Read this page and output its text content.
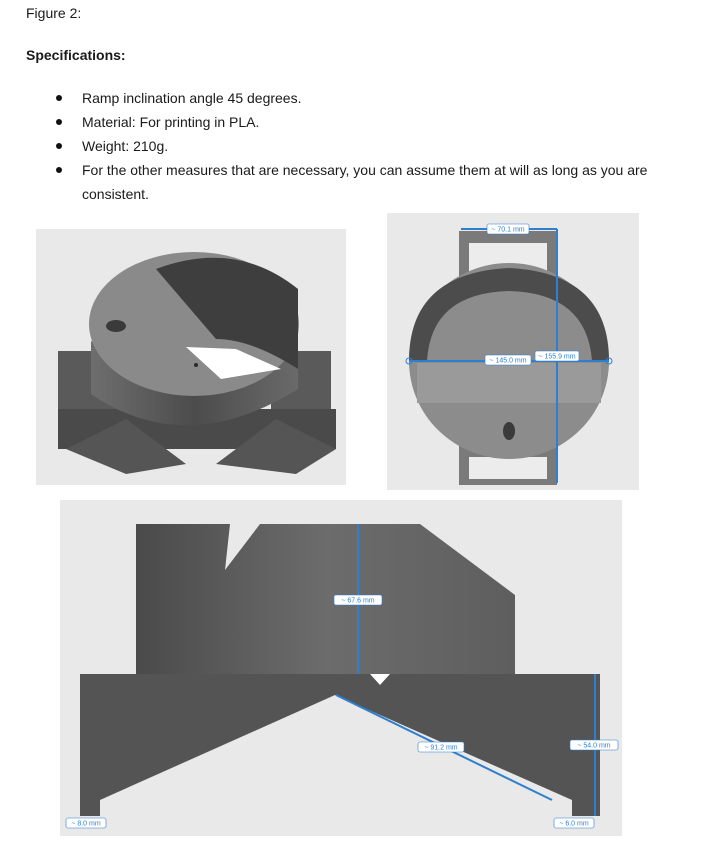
Figure 2:
Specifications:
Ramp inclination angle 45 degrees.
Material: For printing in PLA.
Weight: 210g.
For the other measures that are necessary, you can assume them at will as long as you are consistent.
~ 70.1 mm
~ 145.0 mm
~ 155.9 mm
~ 67.6 mm
~ 91.2 mm	~ 54.0 mm
~ 8.0 mm	~ 6.0 mm
